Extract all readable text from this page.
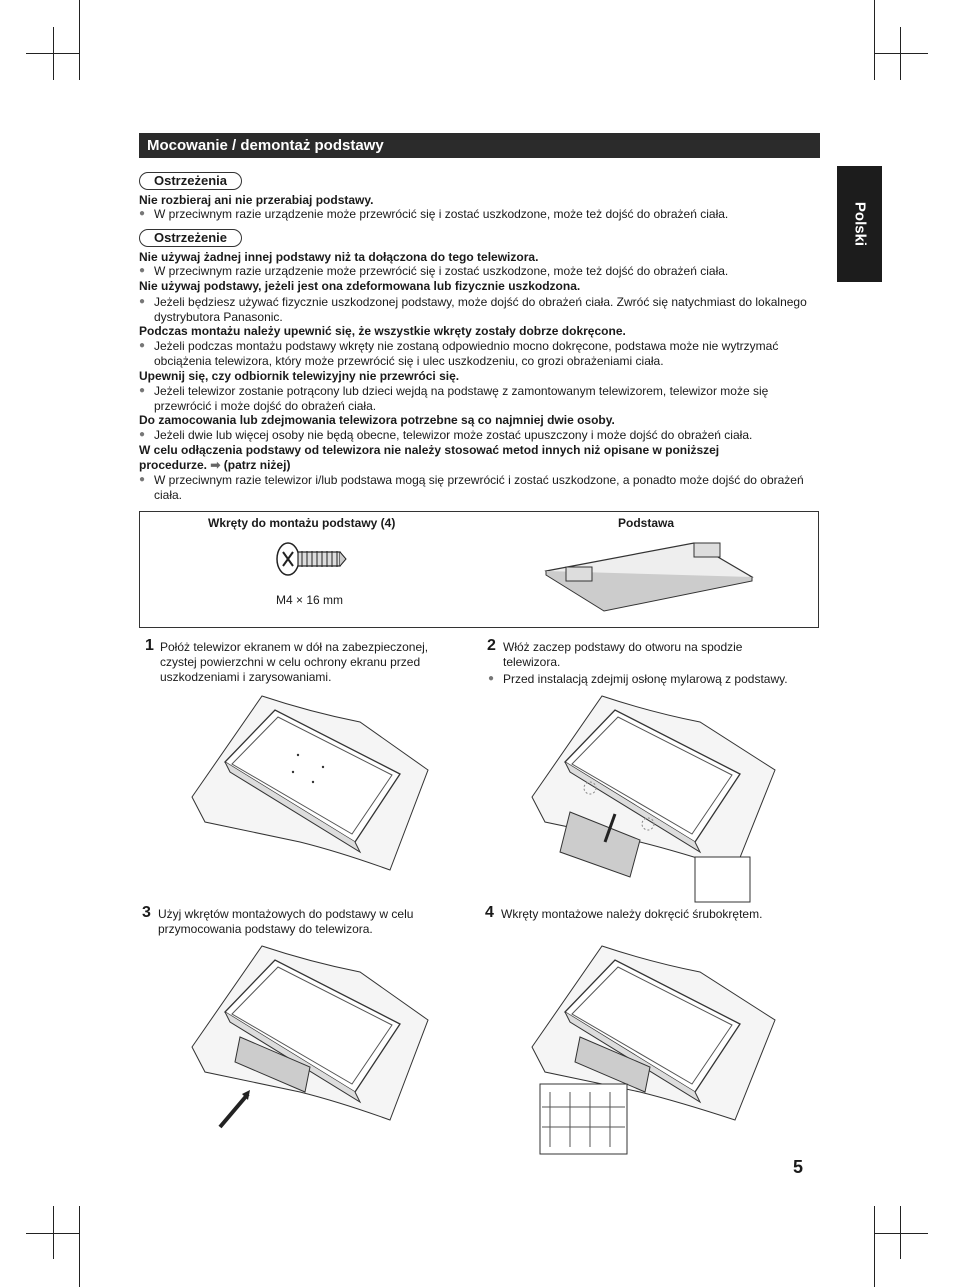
Mocowanie / demontaż podstawy
Polski
Ostrzeżenia
Nie rozbieraj ani nie przerabiaj podstawy.
● W przeciwnym razie urządzenie może przewrócić się i zostać uszkodzone, może też dojść do obrażeń ciała.
Ostrzeżenie
Nie używaj żadnej innej podstawy niż ta dołączona do tego telewizora.
● W przeciwnym razie urządzenie może przewrócić się i zostać uszkodzone, może też dojść do obrażeń ciała.
Nie używaj podstawy, jeżeli jest ona zdeformowana lub fizycznie uszkodzona.
● Jeżeli będziesz używać fizycznie uszkodzonej podstawy, może dojść do obrażeń ciała. Zwróć się natychmiast do lokalnego dystrybutora Panasonic.
Podczas montażu należy upewnić się, że wszystkie wkręty zostały dobrze dokręcone.
● Jeżeli podczas montażu podstawy wkręty nie zostaną odpowiednio mocno dokręcone, podstawa może nie wytrzymać obciążenia telewizora, który może przewrócić się i ulec uszkodzeniu, co grozi obrażeniami ciała.
Upewnij się, czy odbiornik telewizyjny nie przewróci się.
● Jeżeli telewizor zostanie potrącony lub dzieci wejdą na podstawę z zamontowanym telewizorem, telewizor może się przewrócić i może dojść do obrażeń ciała.
Do zamocowania lub zdejmowania telewizora potrzebne są co najmniej dwie osoby.
● Jeżeli dwie lub więcej osoby nie będą obecne, telewizor może zostać upuszczony i może dojść do obrażeń ciała.
W celu odłączenia podstawy od telewizora nie należy stosować metod innych niż opisane w poniższej procedurze. ➡ (patrz niżej)
● W przeciwnym razie telewizor i/lub podstawa mogą się przewrócić i zostać uszkodzone, a ponadto może dojść do obrażeń ciała.
Wkręty do montażu podstawy (4)
M4 × 16 mm
Podstawa
1 Połóż telewizor ekranem w dół na zabezpieczonej, czystej powierzchni w celu ochrony ekranu przed uszkodzeniami i zarysowaniami.
2 Włóż zaczep podstawy do otworu na spodzie telewizora.
● Przed instalacją zdejmij osłonę mylarową z podstawy.
3 Użyj wkrętów montażowych do podstawy w celu przymocowania podstawy do telewizora.
4 Wkręty montażowe należy dokręcić śrubokrętem.
5
